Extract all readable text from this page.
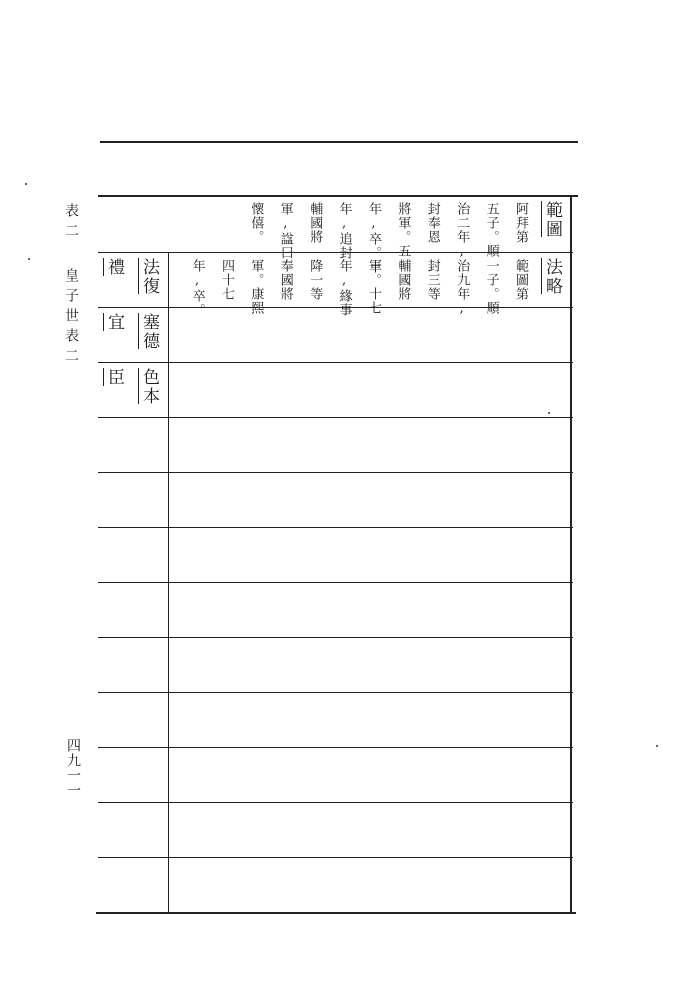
表二
皇子世表二
四九一一
範圖
阿拜第
五子。順
治二年,
封奉恩
將軍。五
年,卒。十
年,追封
輔國將
軍,諡曰
懷僖。
法略
法復
禮	範圖第
一子。順
治九年,
封三等
輔國將
軍。十七
年,緣事
降一等
奉國將
軍。康熙
四十七
年,卒。
塞德
宜
色本
臣
